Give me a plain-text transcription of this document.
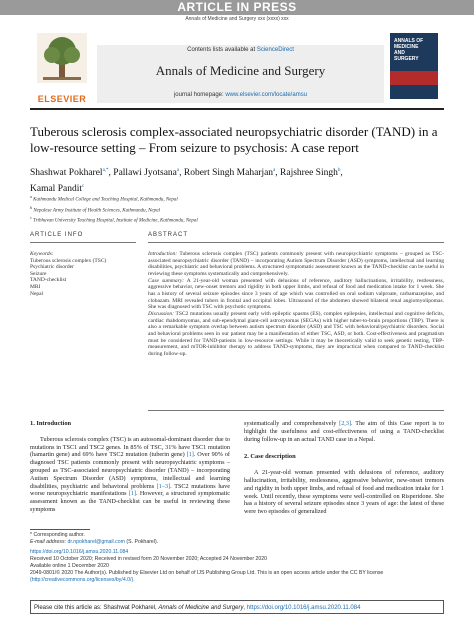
ARTICLE IN PRESS
Annals of Medicine and Surgery xxx (xxxx) xxx
ELSEVIER
Contents lists available at ScienceDirect
Annals of Medicine and Surgery
journal homepage: www.elsevier.com/locate/amsu
ANNALS OF
MEDICINE
AND
SURGERY
Tuberous sclerosis complex-associated neuropsychiatric disorder (TAND) in a low-resource setting – From seizure to psychosis: A case report
Shashwat Pokharel$^{a,*}$, Pallawi Jyotsana$^a$, Robert Singh Maharjan$^a$, Rajshree Singh$^b$,
Kamal Pandit$^c$
$^a$ Kathmandu Medical College and Teaching Hospital, Kathmandu, Nepal
$^b$ Nepalese Army Institute of Health Sciences, Kathmandu, Nepal
$^c$ Tribhuvan University Teaching Hospital, Institute of Medicine, Kathmandu, Nepal
ARTICLE INFO	ABSTRACT
Keywords:
Tuberous sclerosis complex (TSC)
Psychiatric disorder
Seizure
TAND-checklist
MRI
Nepal

Introduction: Tuberous sclerosis complex (TSC) patients commonly present with neuropsychiatric symptoms – grouped as TSC-associated neuropsychiatric disorder (TAND) – incorporating Autism Spectrum Disorder (ASD) symptoms, intellectual and learning disabilities, psychiatric and behavioral problems. A structured symptomatic assessment known as the TAND-checklist can be useful in reviewing these symptoms systematically and comprehensively.

Case summary: A 21-year-old woman presented with delusions of reference, auditory hallucinations, irritability, restlessness, aggressive behavior, new-onset tremors and rigidity in both upper limbs, and refusal of food and medication intake for 1 week. She has a history of several seizure episodes since 3 years of age which was controlled on oral sodium valproate, carbamazepine, and clobazam. MRI revealed tubers in frontal and occipital lobes. Ultrasound of the abdomen showed bilateral renal angiomyolipomas. She was diagnosed with TSC with psychotic symptoms.

Discussion: TSC2 mutations usually present early with epileptic spasms (ES), complex epilepsies, intellectual and cognitive deficits, cardiac rhabdomyomas, and sub-ependymal giant-cell astrocytomas (SEGAs) with higher tuber-to-brain proportions (TBP). There is also a remarkable symptom overlap between autism spectrum disorder (ASD) and TSC with behavioral/psychiatric disorders. Social and behavioral problems seen in our patient may be a manifestation of either TSC, ASD, or both. Cost-effectiveness and pragmatism must be considered for TAND-patients in low-resource settings. While it may be theoretically valid to seek genetic testing, TBP-measurement, and mTOR-inhibitor therapy to address TAND-symptoms, they are impractical when compared to TAND-checklist during follow-up.

1. Introduction

Tuberous sclerosis complex (TSC) is an autosomal-dominant disorder due to mutations in TSC1 and TSC2 genes. In 85% of TSC, 31% have TSC1 mutation (hamartin gene) and 69% have TSC2 mutation (tuberin gene) [1]. Over 90% of diagnosed TSC patients commonly present with neuropsychiatric symptoms – grouped as TSC-associated neuropsychiatric disorder (TAND) – incorporating Autism Spectrum Disorder (ASD) symptoms, intellectual and learning disabilities, psychiatric and behavioral problems [1–3]. TSC2 mutations have worse neuropsychiatric manifestations [1]. However, a structured symptomatic assessment known as the TAND-checklist can be useful in reviewing these symptoms

systematically and comprehensively [2,3]. The aim of this Case report is to highlight the usefulness and cost-effectiveness of using a TAND-checklist during follow-up in an actual TAND case in a Nepal.

2. Case description

A 21-year-old woman presented with delusions of reference, auditory hallucination, irritability, restlessness, aggressive behavior, new-onset tremors and rigidity in both upper limbs, and refusal of food and medication intake for 1 week. Until recently, these symptoms were well-controlled on Risperidone. She has a history of several seizure episodes since 3 years of age: the latest of these were two episodes of generalized

* Corresponding author.

E-mail address: dr.npokharel@gmail.com (S. Pokharel).

https://doi.org/10.1016/j.amsu.2020.11.084

Received 10 October 2020; Received in revised form 20 November 2020; Accepted 24 November 2020

Available online 1 December 2020

2049-0801/© 2020 The Author(s). Published by Elsevier Ltd on behalf of IJS Publishing Group Ltd. This is an open access article under the CC BY license
(http://creativecommons.org/licenses/by/4.0/).

Please cite this article as: Shashwat Pokharel, Annals of Medicine and Surgery, https://doi.org/10.1016/j.amsu.2020.11.084
